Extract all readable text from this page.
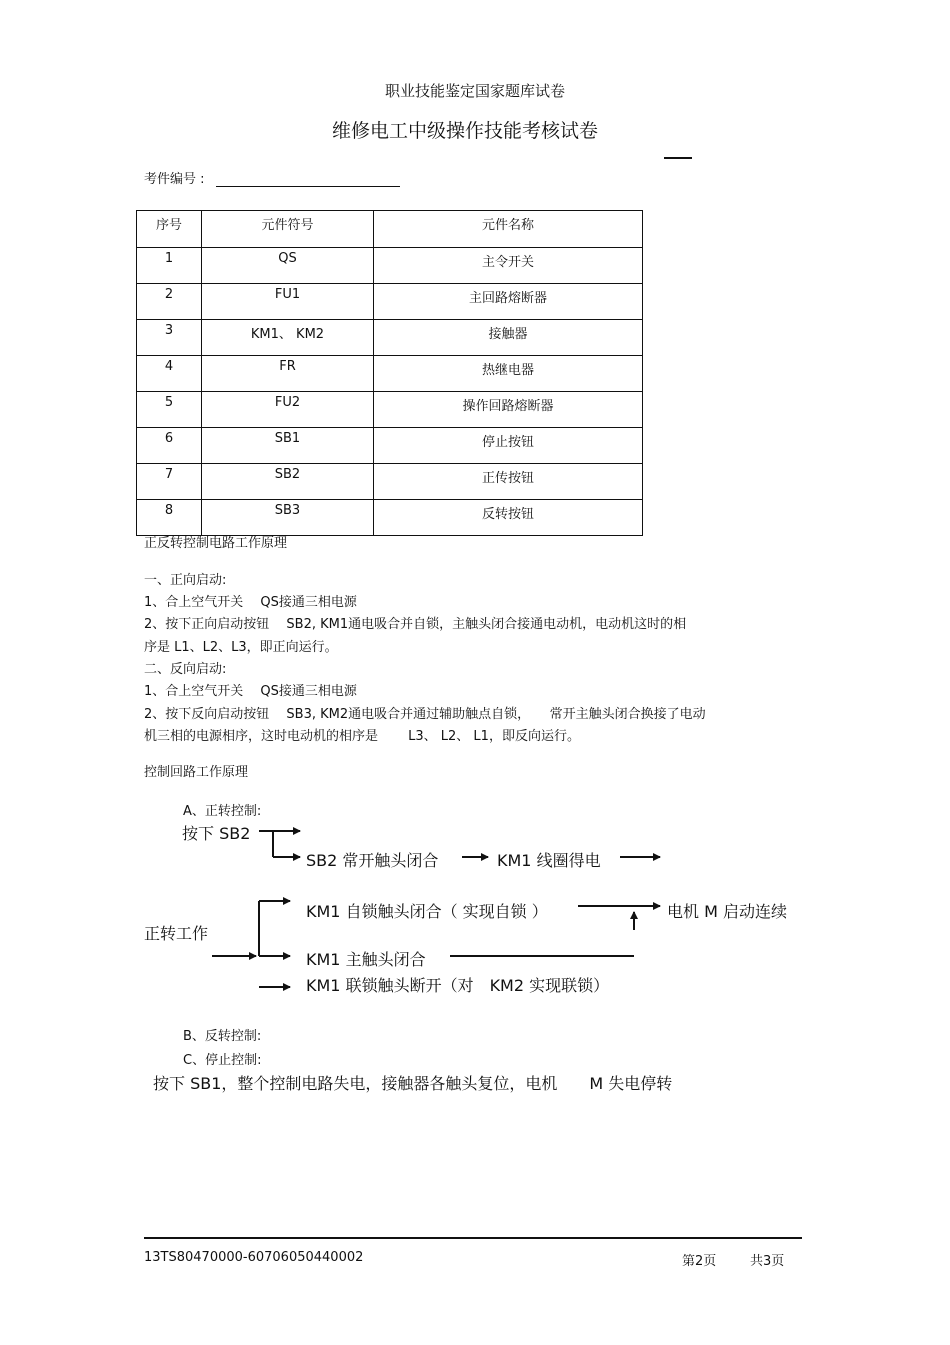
职业技能鉴定国家题库试卷
维修电工中级操作技能考核试卷
考件编号 :
序号	元件符号	元件名称
1	QS	主令开关
2	FU1	主回路熔断器
3	KM1、 KM2	接触器
4	FR	热继电器
5	FU2	操作回路熔断器
6	SB1	停止按钮
7	SB2	正传按钮
8	SB3	反转按钮
正反转控制电路工作原理
一、正向启动:
1、合上空气开关　 QS接通三相电源
2、按下正向启动按钮　 SB2, KM1通电吸合并自锁，主触头闭合接通电动机，电动机这时的相
序是 L1、L2、L3，即正向运行。
二、反向启动:
1、合上空气开关　 QS接通三相电源
2、按下反向启动按钮　 SB3, KM2通电吸合并通过辅助触点自锁，　　常开主触头闭合换接了电动
机三相的电源相序，这时电动机的相序是　　 L3、 L2、 L1，即反向运行。
控制回路工作原理
A、正转控制:
按下 SB2
SB2 常开触头闭合	KM1 线圈得电
正转工作
KM1 自锁触头闭合（ 实现自锁 ）	电机 M 启动连续
KM1 主触头闭合
KM1 联锁触头断开（对　KM2 实现联锁）
B、反转控制:
C、停止控制:
按下 SB1，整个控制电路失电，接触器各触头复位，电机　　M 失电停转
13TS80470000-60706050440002	第2页	共3页
